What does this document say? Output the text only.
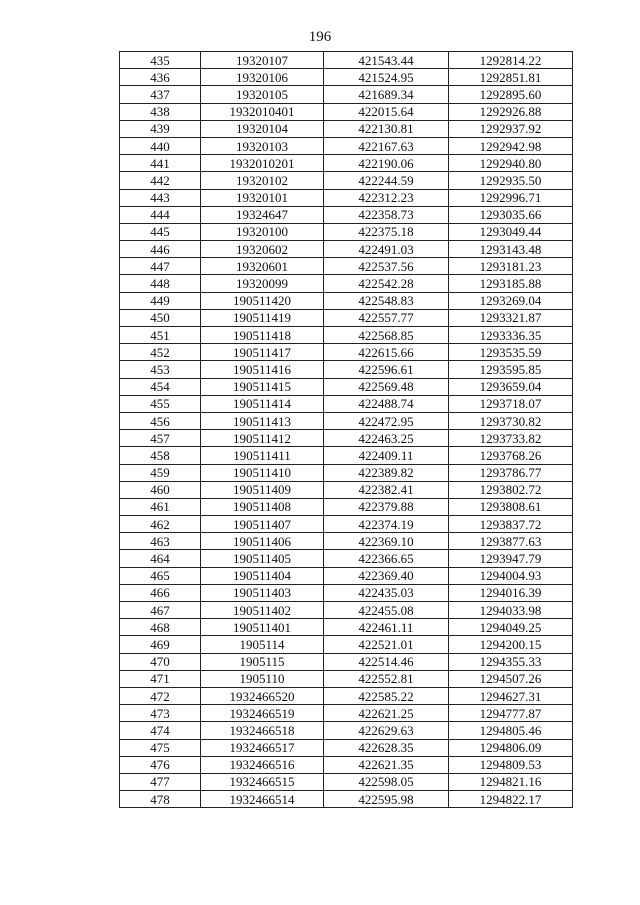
196
435	19320107	421543.44	1292814.22
436	19320106	421524.95	1292851.81
437	19320105	421689.34	1292895.60
438	1932010401	422015.64	1292926.88
439	19320104	422130.81	1292937.92
440	19320103	422167.63	1292942.98
441	1932010201	422190.06	1292940.80
442	19320102	422244.59	1292935.50
443	19320101	422312.23	1292996.71
444	19324647	422358.73	1293035.66
445	19320100	422375.18	1293049.44
446	19320602	422491.03	1293143.48
447	19320601	422537.56	1293181.23
448	19320099	422542.28	1293185.88
449	190511420	422548.83	1293269.04
450	190511419	422557.77	1293321.87
451	190511418	422568.85	1293336.35
452	190511417	422615.66	1293535.59
453	190511416	422596.61	1293595.85
454	190511415	422569.48	1293659.04
455	190511414	422488.74	1293718.07
456	190511413	422472.95	1293730.82
457	190511412	422463.25	1293733.82
458	190511411	422409.11	1293768.26
459	190511410	422389.82	1293786.77
460	190511409	422382.41	1293802.72
461	190511408	422379.88	1293808.61
462	190511407	422374.19	1293837.72
463	190511406	422369.10	1293877.63
464	190511405	422366.65	1293947.79
465	190511404	422369.40	1294004.93
466	190511403	422435.03	1294016.39
467	190511402	422455.08	1294033.98
468	190511401	422461.11	1294049.25
469	1905114	422521.01	1294200.15
470	1905115	422514.46	1294355.33
471	1905110	422552.81	1294507.26
472	1932466520	422585.22	1294627.31
473	1932466519	422621.25	1294777.87
474	1932466518	422629.63	1294805.46
475	1932466517	422628.35	1294806.09
476	1932466516	422621.35	1294809.53
477	1932466515	422598.05	1294821.16
478	1932466514	422595.98	1294822.17
